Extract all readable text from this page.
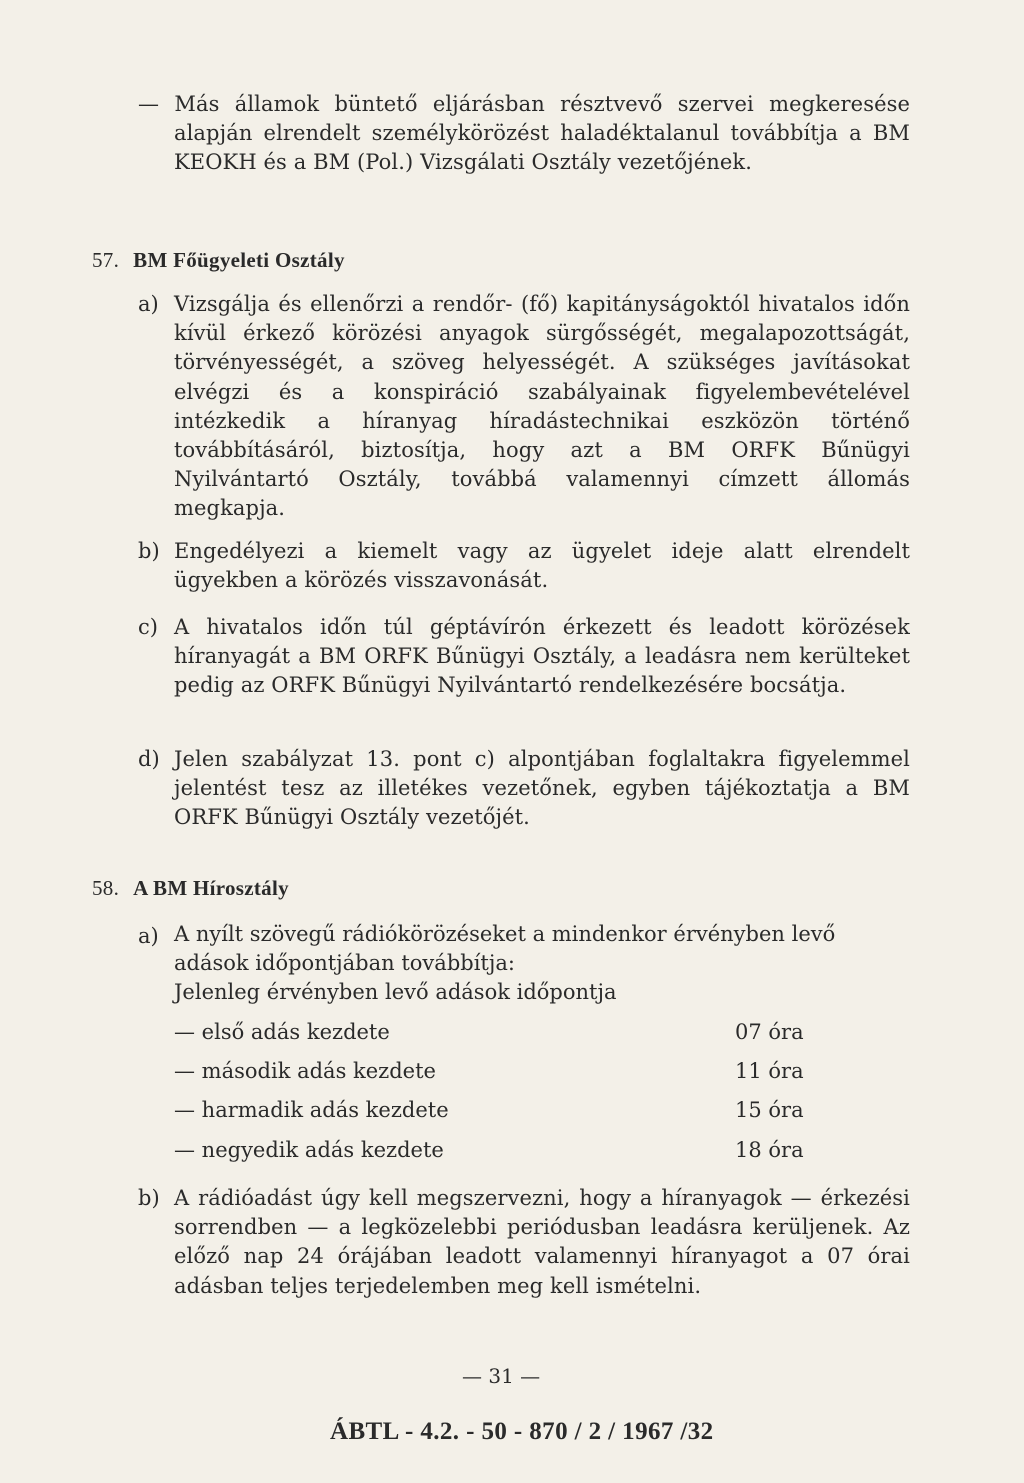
— Más államok büntető eljárásban résztvevő szervei megkeresése alapján elrendelt személykörözést haladéktalanul továbbítja a BM KEOKH és a BM (Pol.) Vizsgálati Osztály vezetőjének.

57. BM Főügyeleti Osztály
a) Vizsgálja és ellenőrzi a rendőr- (fő) kapitányságoktól hivatalos időn kívül érkező körözési anyagok sürgősségét, megalapozottságát, törvényességét, a szöveg helyességét. A szükséges javításokat elvégzi és a konspiráció szabályainak figyelembevételével intézkedik a híranyag híradástechnikai eszközön történő továbbításáról, biztosítja, hogy azt a BM ORFK Bűnügyi Nyilvántartó Osztály, továbbá valamennyi címzett állomás megkapja.

b) Engedélyezi a kiemelt vagy az ügyelet ideje alatt elrendelt ügyekben a körözés visszavonását.

c) A hivatalos időn túl géptávírón érkezett és leadott körözések híranyagát a BM ORFK Bűnügyi Osztály, a leadásra nem kerülteket pedig az ORFK Bűnügyi Nyilvántartó rendelkezésére bocsátja.

d) Jelen szabályzat 13. pont c) alpontjában foglaltakra figyelemmel jelentést tesz az illetékes vezetőnek, egyben tájékoztatja a BM ORFK Bűnügyi Osztály vezetőjét.

58. A BM Hírosztály
a) A nyílt szövegű rádiókörözéseket a mindenkor érvényben levő
adások időpontjában továbbítja:
Jelenleg érvényben levő adások időpontja
— első adás kezdete	07 óra
— második adás kezdete	11 óra
— harmadik adás kezdete	15 óra
— negyedik adás kezdete	18 óra
b) A rádióadást úgy kell megszervezni, hogy a híranyagok — érkezési sorrendben — a legközelebbi periódusban leadásra kerüljenek. Az előző nap 24 órájában leadott valamennyi híranyagot a 07 órai adásban teljes terjedelemben meg kell ismételni.

— 31 —
ÁBTL - 4.2. - 50 - 870 / 2 / 1967 /32
